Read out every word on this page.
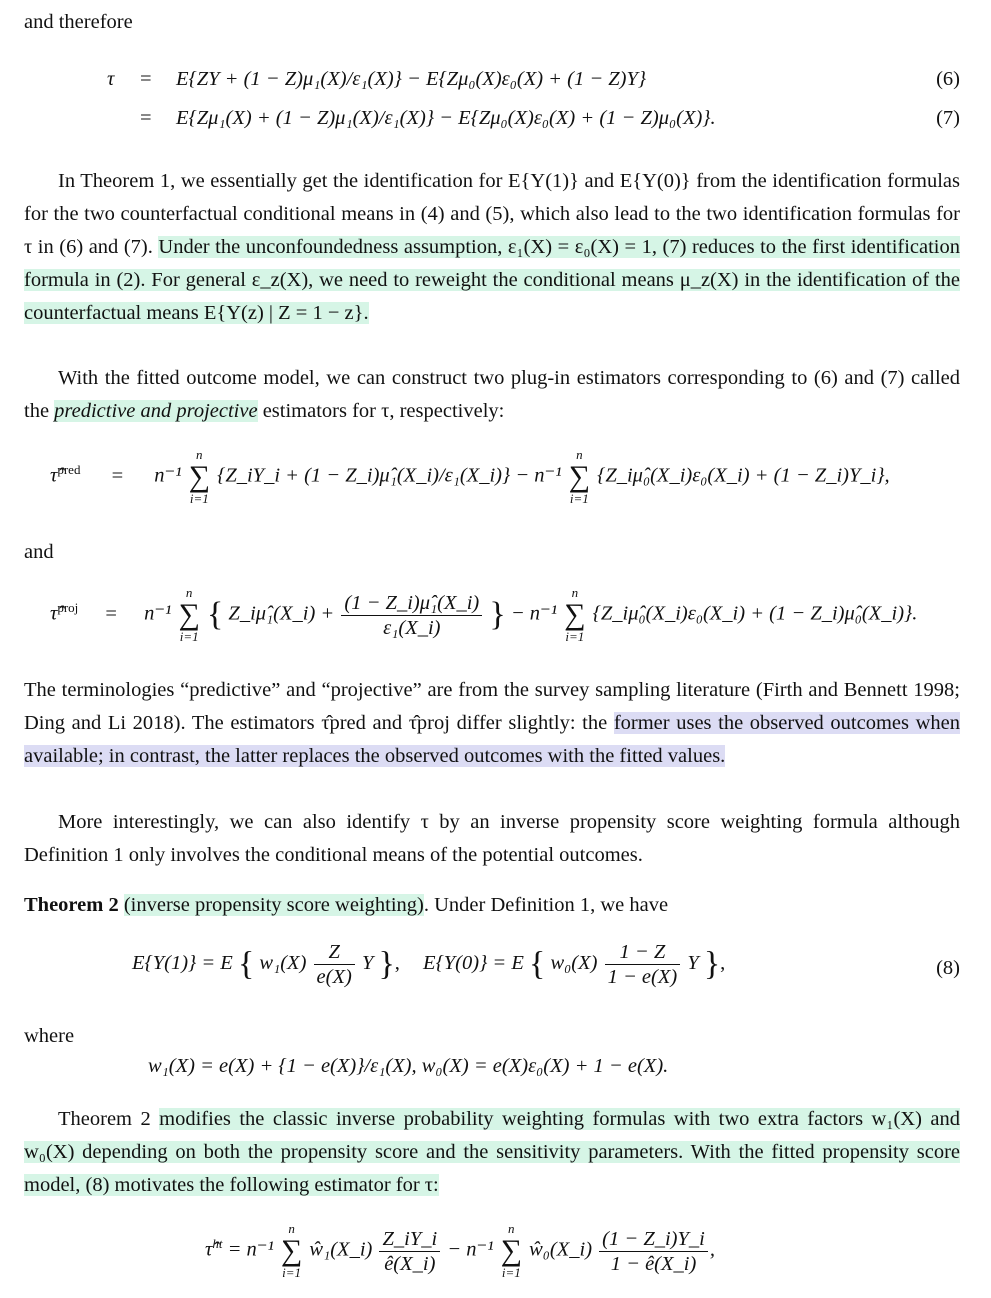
and therefore
τ = E{ZY + (1 − Z)μ₁(X)/ε₁(X)} − E{Zμ₀(X)ε₀(X) + (1 − Z)Y}	(6)
= E{Zμ₁(X) + (1 − Z)μ₁(X)/ε₁(X)} − E{Zμ₀(X)ε₀(X) + (1 − Z)μ₀(X)}.	(7)
In Theorem 1, we essentially get the identification for E{Y(1)} and E{Y(0)} from the identification formulas for the two counterfactual conditional means in (4) and (5), which also lead to the two identification formulas for τ in (6) and (7). Under the unconfoundedness assumption, ε₁(X) = ε₀(X) = 1, (7) reduces to the first identification formula in (2). For general ε_z(X), we need to reweight the conditional means μ_z(X) in the identification of the counterfactual means E{Y(z) | Z = 1 − z}.
With the fitted outcome model, we can construct two plug-in estimators corresponding to (6) and (7) called the predictive and projective estimators for τ, respectively:
τ̂$^{pred}$ = n⁻¹
n
∑
i=1
{Z_iY_i + (1 − Z_i)μ̂₁(X_i)/ε₁(X_i)} − n⁻¹
n
∑
i=1
{Z_iμ̂₀(X_i)ε₀(X_i) + (1 − Z_i)Y_i},
and
τ̂$^{proj}$ = n⁻¹
n
∑
i=1
{ Z_iμ̂₁(X_i) + $\frac{\text{(1 − Z\_i)μ̂₁(X\_i)}}{\text{ε₁(X\_i)}}$ } − n⁻¹
n
∑
i=1
{Z_iμ̂₀(X_i)ε₀(X_i) + (1 − Z_i)μ̂₀(X_i)}.
The terminologies “predictive” and “projective” are from the survey sampling literature (Firth and Bennett 1998; Ding and Li 2018). The estimators τ̂pred and τ̂proj differ slightly: the former uses the observed outcomes when available; in contrast, the latter replaces the observed outcomes with the fitted values.
More interestingly, we can also identify τ by an inverse propensity score weighting formula although Definition 1 only involves the conditional means of the potential outcomes.
Theorem 2 (inverse propensity score weighting). Under Definition 1, we have
E{Y(1)} = E { $w_1(X) \frac{Z}{e(X)}$ Y }, E{Y(0)} = E { $w_0(X) \frac{1 - Z}{1 - e(X)}$ Y },	(8)
where
w₁(X) = e(X) + {1 − e(X)}/ε₁(X), w₀(X) = e(X)ε₀(X) + 1 − e(X).
Theorem 2 modifies the classic inverse probability weighting formulas with two extra factors w₁(X) and w₀(X) depending on both the propensity score and the sensitivity parameters. With the fitted propensity score model, (8) motivates the following estimator for τ:
τ̂$^{ht}$ = n⁻¹
n
∑
i=1
ŵ₁(X_i) $\frac{Z\_iY\_i}{ê(X\_i)} - n^{-1}$
n
∑
i=1
ŵ₀(X_i) $\frac{(1 - Z\_i)Y\_i}{1 - ê(X\_i)}$ ,
